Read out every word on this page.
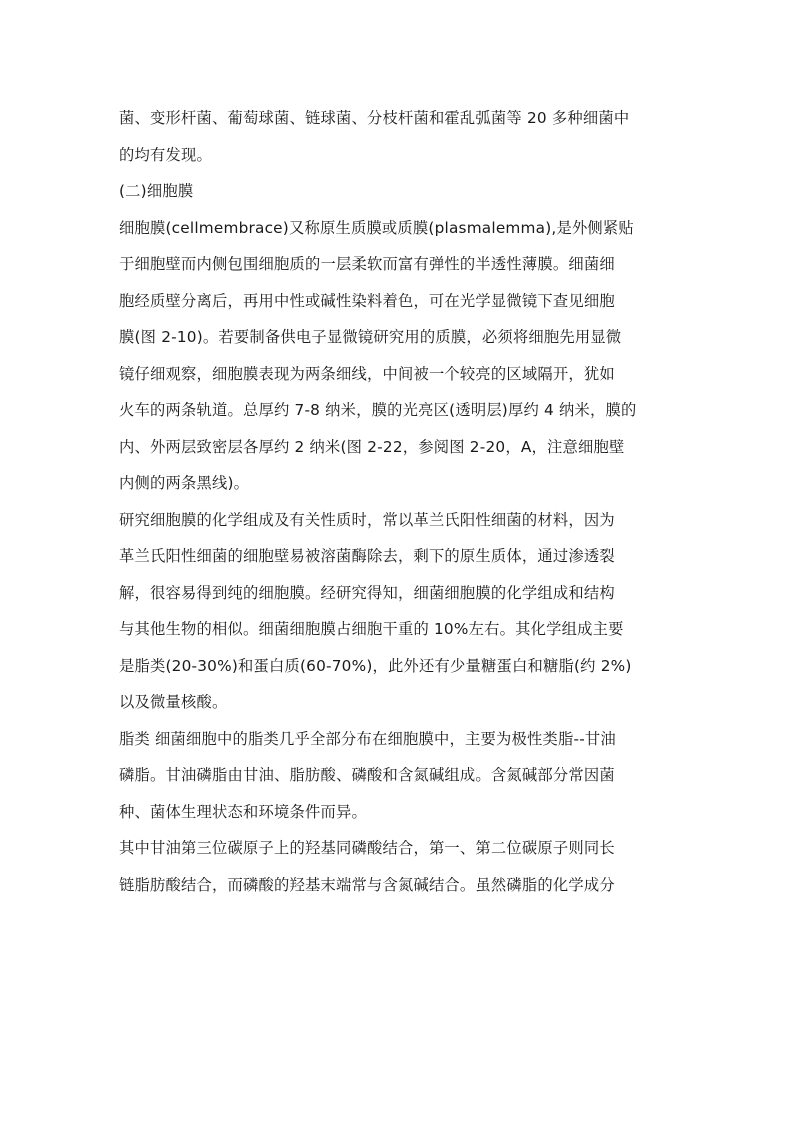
菌、变形杆菌、葡萄球菌、链球菌、分枝杆菌和霍乱弧菌等 20 多种细菌中
的均有发现。
(二)细胞膜
细胞膜(cellmembrace)又称原生质膜或质膜(plasmalemma),是外侧紧贴
于细胞壁而内侧包围细胞质的一层柔软而富有弹性的半透性薄膜。细菌细
胞经质壁分离后，再用中性或碱性染料着色，可在光学显微镜下查见细胞
膜(图 2-10)。若要制备供电子显微镜研究用的质膜，必须将细胞先用显微
镜仔细观察，细胞膜表现为两条细线，中间被一个较亮的区域隔开，犹如
火车的两条轨道。总厚约 7-8 纳米，膜的光亮区(透明层)厚约 4 纳米，膜的
内、外两层致密层各厚约 2 纳米(图 2-22，参阅图 2-20，A，注意细胞壁
内侧的两条黑线)。
研究细胞膜的化学组成及有关性质时，常以革兰氏阳性细菌的材料，因为
革兰氏阳性细菌的细胞壁易被溶菌酶除去，剩下的原生质体，通过渗透裂
解，很容易得到纯的细胞膜。经研究得知，细菌细胞膜的化学组成和结构
与其他生物的相似。细菌细胞膜占细胞干重的 10%左右。其化学组成主要
是脂类(20-30%)和蛋白质(60-70%)，此外还有少量糖蛋白和糖脂(约 2%)
以及微量核酸。
脂类 细菌细胞中的脂类几乎全部分布在细胞膜中，主要为极性类脂--甘油
磷脂。甘油磷脂由甘油、脂肪酸、磷酸和含氮碱组成。含氮碱部分常因菌
种、菌体生理状态和环境条件而异。
其中甘油第三位碳原子上的羟基同磷酸结合，第一、第二位碳原子则同长
链脂肪酸结合，而磷酸的羟基末端常与含氮碱结合。虽然磷脂的化学成分
